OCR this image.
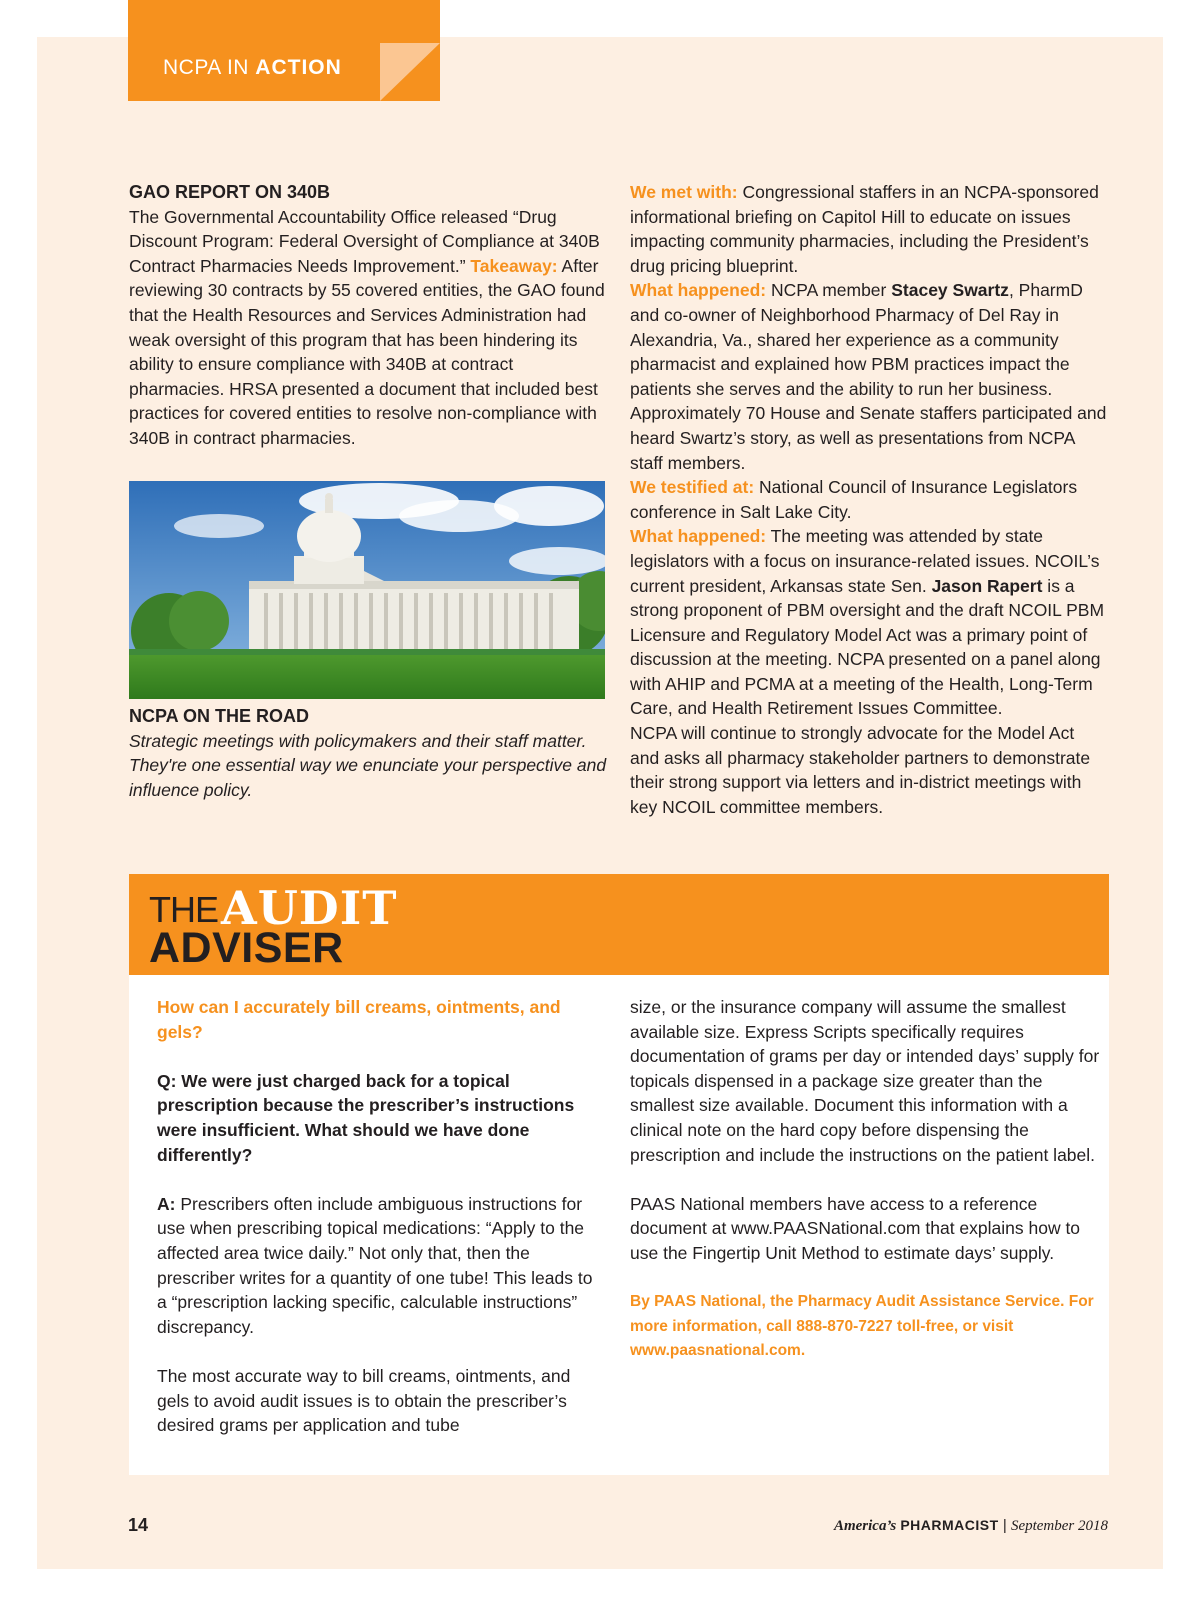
NCPA IN ACTION

GAO REPORT ON 340B

The Governmental Accountability Office released “Drug Discount Program: Federal Oversight of Compliance at 340B Contract Pharmacies Needs Improvement.” Takeaway: After reviewing 30 contracts by 55 covered entities, the GAO found that the Health Resources and Services Administration had weak oversight of this program that has been hindering its ability to ensure compliance with 340B at contract pharmacies. HRSA presented a document that included best practices for covered entities to resolve non-compliance with 340B in contract pharmacies.

NCPA ON THE ROAD

Strategic meetings with policymakers and their staff matter. They're one essential way we enunciate your perspective and influence policy.

We met with: Congressional staffers in an NCPA-sponsored informational briefing on Capitol Hill to educate on issues impacting community pharmacies, including the President’s drug pricing blueprint.

What happened: NCPA member Stacey Swartz, PharmD and co-owner of Neighborhood Pharmacy of Del Ray in Alexandria, Va., shared her experience as a community pharmacist and explained how PBM practices impact the patients she serves and the ability to run her business. Approximately 70 House and Senate staffers participated and heard Swartz’s story, as well as presentations from NCPA staff members.

We testified at: National Council of Insurance Legislators conference in Salt Lake City.

What happened: The meeting was attended by state legislators with a focus on insurance-related issues. NCOIL’s current president, Arkansas state Sen. Jason Rapert is a strong proponent of PBM oversight and the draft NCOIL PBM Licensure and Regulatory Model Act was a primary point of discussion at the meeting. NCPA presented on a panel along with AHIP and PCMA at a meeting of the Health, Long-Term Care, and Health Retirement Issues Committee.

NCPA will continue to strongly advocate for the Model Act and asks all pharmacy stakeholder partners to demonstrate their strong support via letters and in-district meetings with key NCOIL committee members.

THE AUDIT
ADVISER

How can I accurately bill creams, ointments, and gels?

Q: We were just charged back for a topical prescription because the prescriber’s instructions were insufficient. What should we have done differently?

A: Prescribers often include ambiguous instructions for use when prescribing topical medications: “Apply to the affected area twice daily.” Not only that, then the prescriber writes for a quantity of one tube! This leads to a “prescription lacking specific, calculable instructions” discrepancy.

The most accurate way to bill creams, ointments, and gels to avoid audit issues is to obtain the prescriber’s desired grams per application and tube

size, or the insurance company will assume the smallest available size. Express Scripts specifically requires documentation of grams per day or intended days’ supply for topicals dispensed in a package size greater than the smallest size available. Document this information with a clinical note on the hard copy before dispensing the prescription and include the instructions on the patient label.

PAAS National members have access to a reference document at www.PAASNational.com that explains how to use the Fingertip Unit Method to estimate days’ supply.

By PAAS National, the Pharmacy Audit Assistance Service. For more information, call 888-870-7227 toll-free, or visit www.paasnational.com.

14	America’s PHARMACIST | September 2018
